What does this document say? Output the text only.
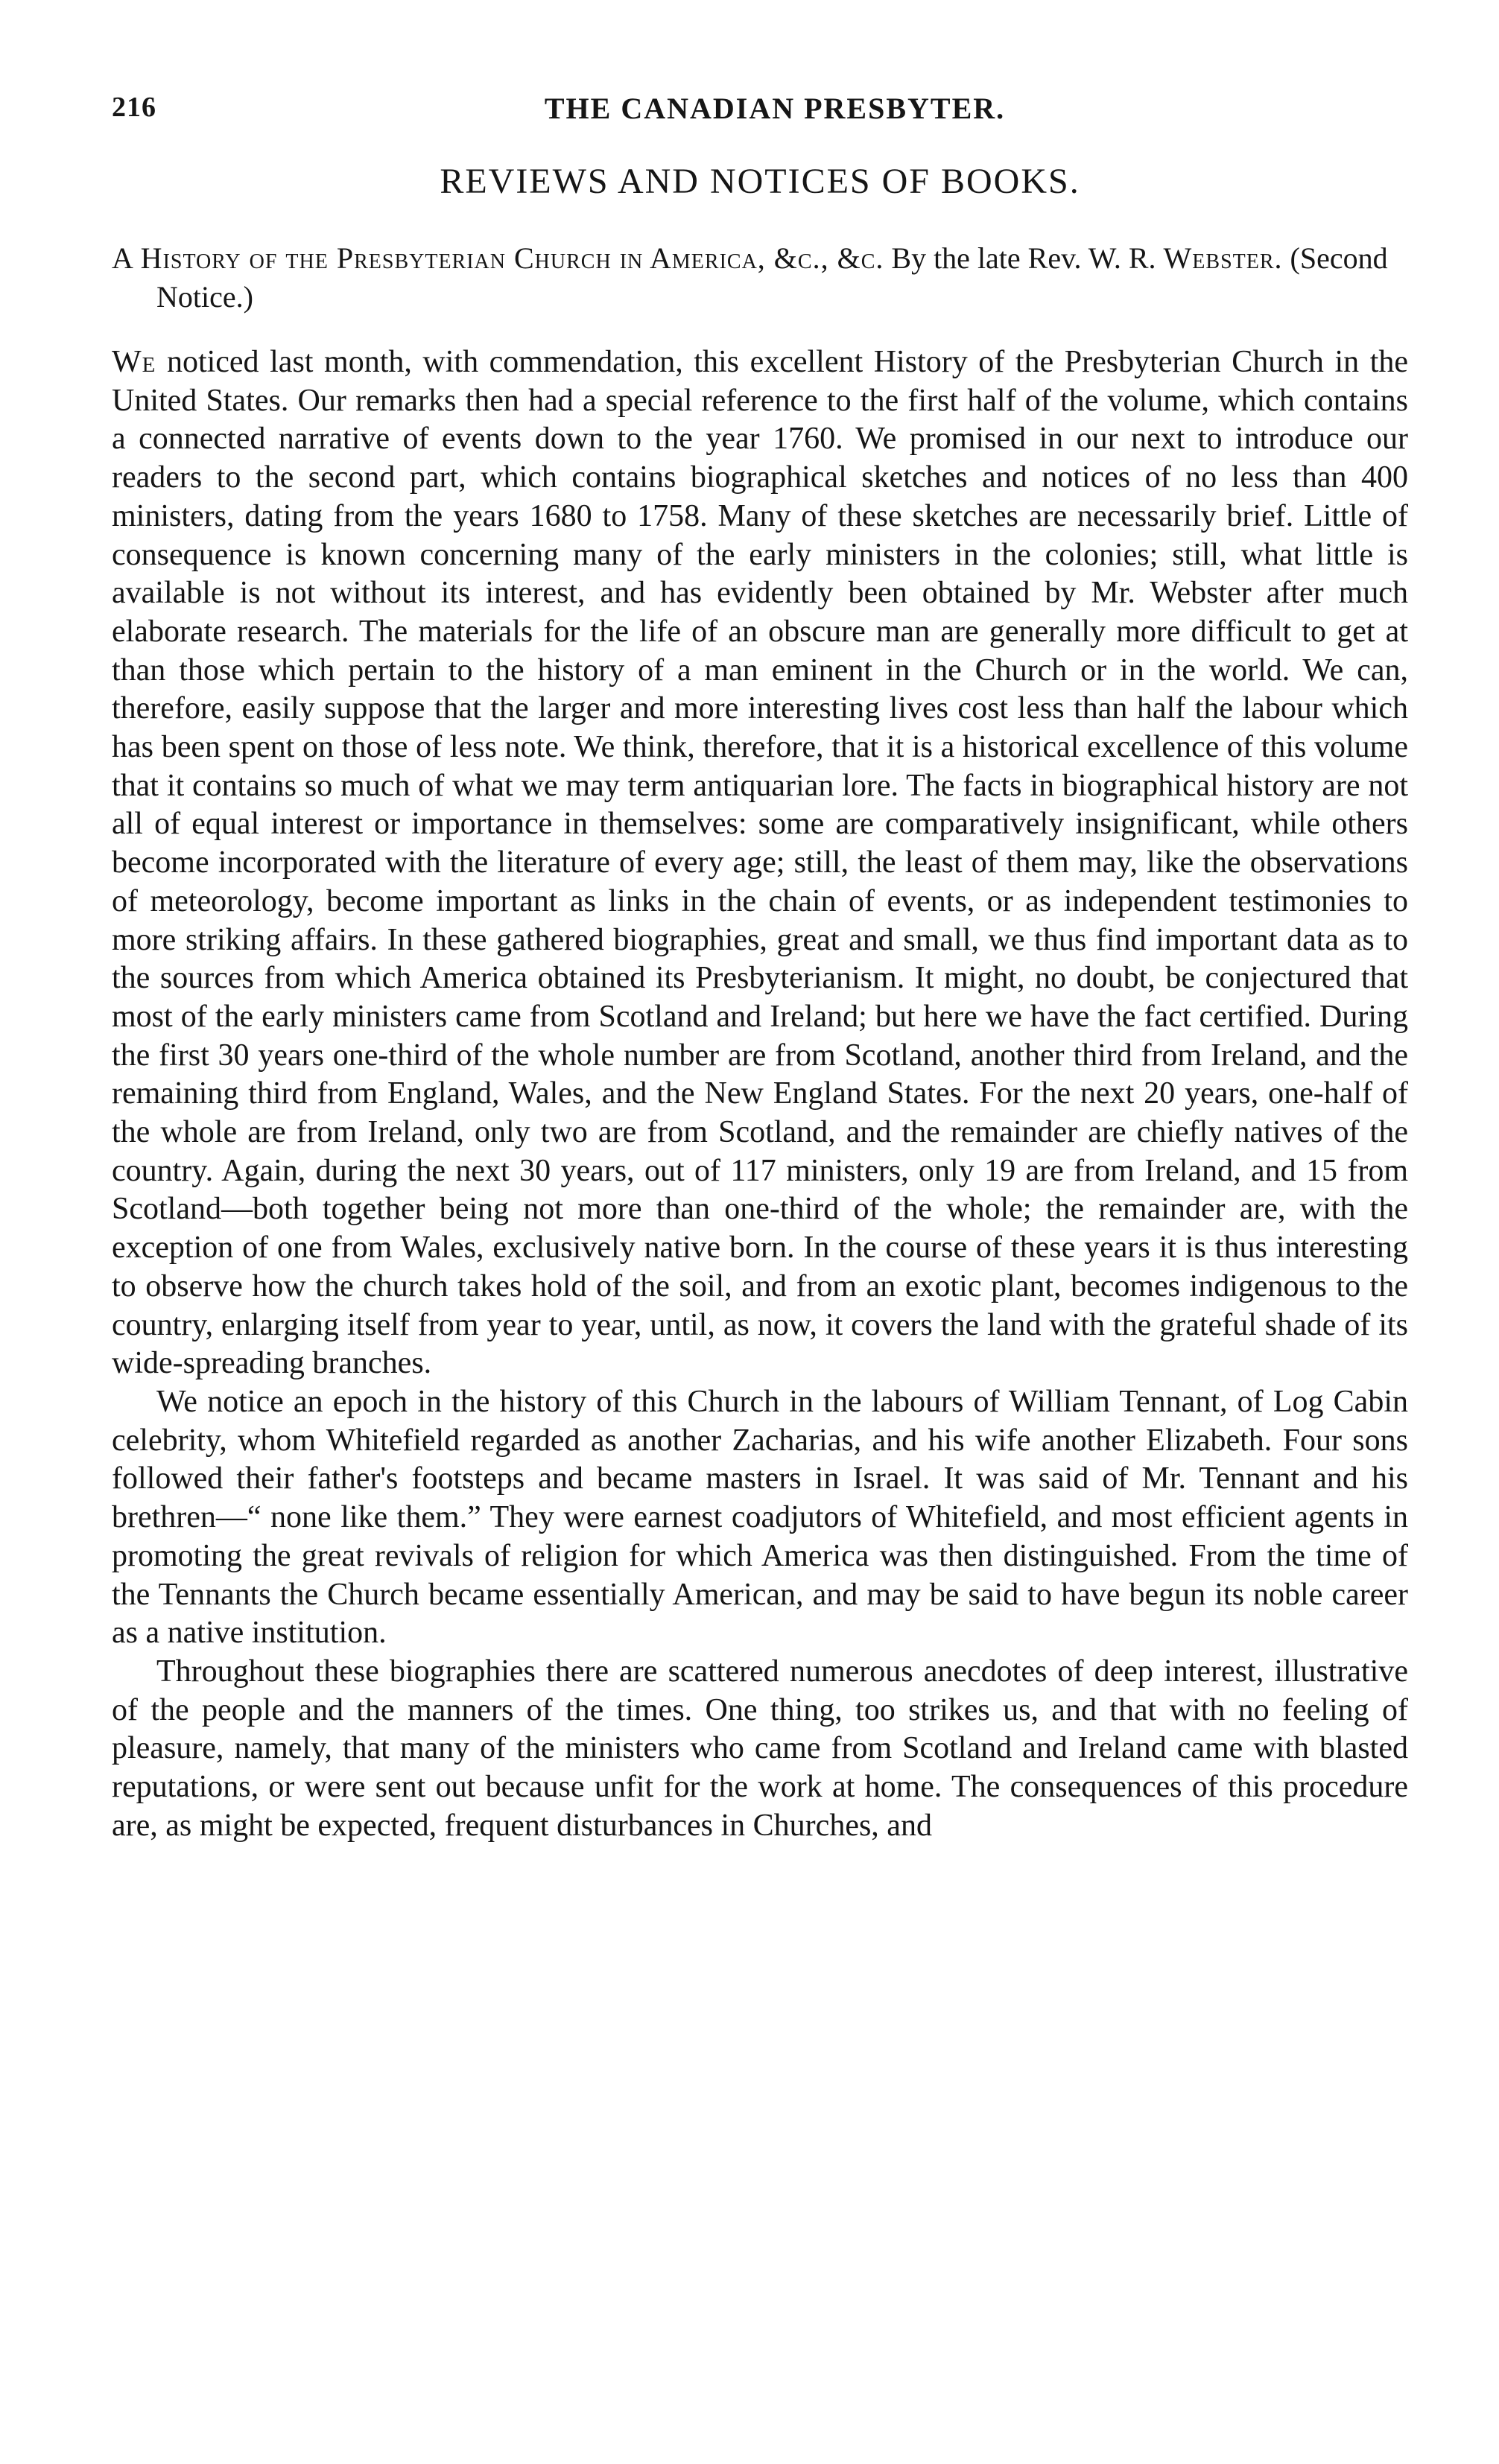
216	THE CANADIAN PRESBYTER.
REVIEWS AND NOTICES OF BOOKS.
A History of the Presbyterian Church in America, &c., &c. By the late Rev. W. R. Webster. (Second Notice.)

We noticed last month, with commendation, this excellent History of the Presbyterian Church in the United States. Our remarks then had a special reference to the first half of the volume, which contains a connected narrative of events down to the year 1760. We promised in our next to introduce our readers to the second part, which contains biographical sketches and notices of no less than 400 ministers, dating from the years 1680 to 1758. Many of these sketches are necessarily brief. Little of consequence is known concerning many of the early ministers in the colonies; still, what little is available is not without its interest, and has evidently been obtained by Mr. Webster after much elaborate research. The materials for the life of an obscure man are generally more difficult to get at than those which pertain to the history of a man eminent in the Church or in the world. We can, therefore, easily suppose that the larger and more interesting lives cost less than half the labour which has been spent on those of less note. We think, therefore, that it is a historical excellence of this volume that it contains so much of what we may term antiquarian lore. The facts in biographical history are not all of equal interest or importance in themselves: some are comparatively insignificant, while others become incorporated with the literature of every age; still, the least of them may, like the observations of meteorology, become important as links in the chain of events, or as independent testimonies to more striking affairs. In these gathered biographies, great and small, we thus find important data as to the sources from which America obtained its Presbyterianism. It might, no doubt, be conjectured that most of the early ministers came from Scotland and Ireland; but here we have the fact certified. During the first 30 years one-third of the whole number are from Scotland, another third from Ireland, and the remaining third from England, Wales, and the New England States. For the next 20 years, one-half of the whole are from Ireland, only two are from Scotland, and the remainder are chiefly natives of the country. Again, during the next 30 years, out of 117 ministers, only 19 are from Ireland, and 15 from Scotland—both together being not more than one-third of the whole; the remainder are, with the exception of one from Wales, exclusively native born. In the course of these years it is thus interesting to observe how the church takes hold of the soil, and from an exotic plant, becomes indigenous to the country, enlarging itself from year to year, until, as now, it covers the land with the grateful shade of its wide-spreading branches.

We notice an epoch in the history of this Church in the labours of William Tennant, of Log Cabin celebrity, whom Whitefield regarded as another Zacharias, and his wife another Elizabeth. Four sons followed their father's footsteps and became masters in Israel. It was said of Mr. Tennant and his brethren—“ none like them.” They were earnest coadjutors of Whitefield, and most efficient agents in promoting the great revivals of religion for which America was then distinguished. From the time of the Tennants the Church became essentially American, and may be said to have begun its noble career as a native institution.

Throughout these biographies there are scattered numerous anecdotes of deep interest, illustrative of the people and the manners of the times. One thing, too strikes us, and that with no feeling of pleasure, namely, that many of the ministers who came from Scotland and Ireland came with blasted reputations, or were sent out because unfit for the work at home. The consequences of this procedure are, as might be expected, frequent disturbances in Churches, and
